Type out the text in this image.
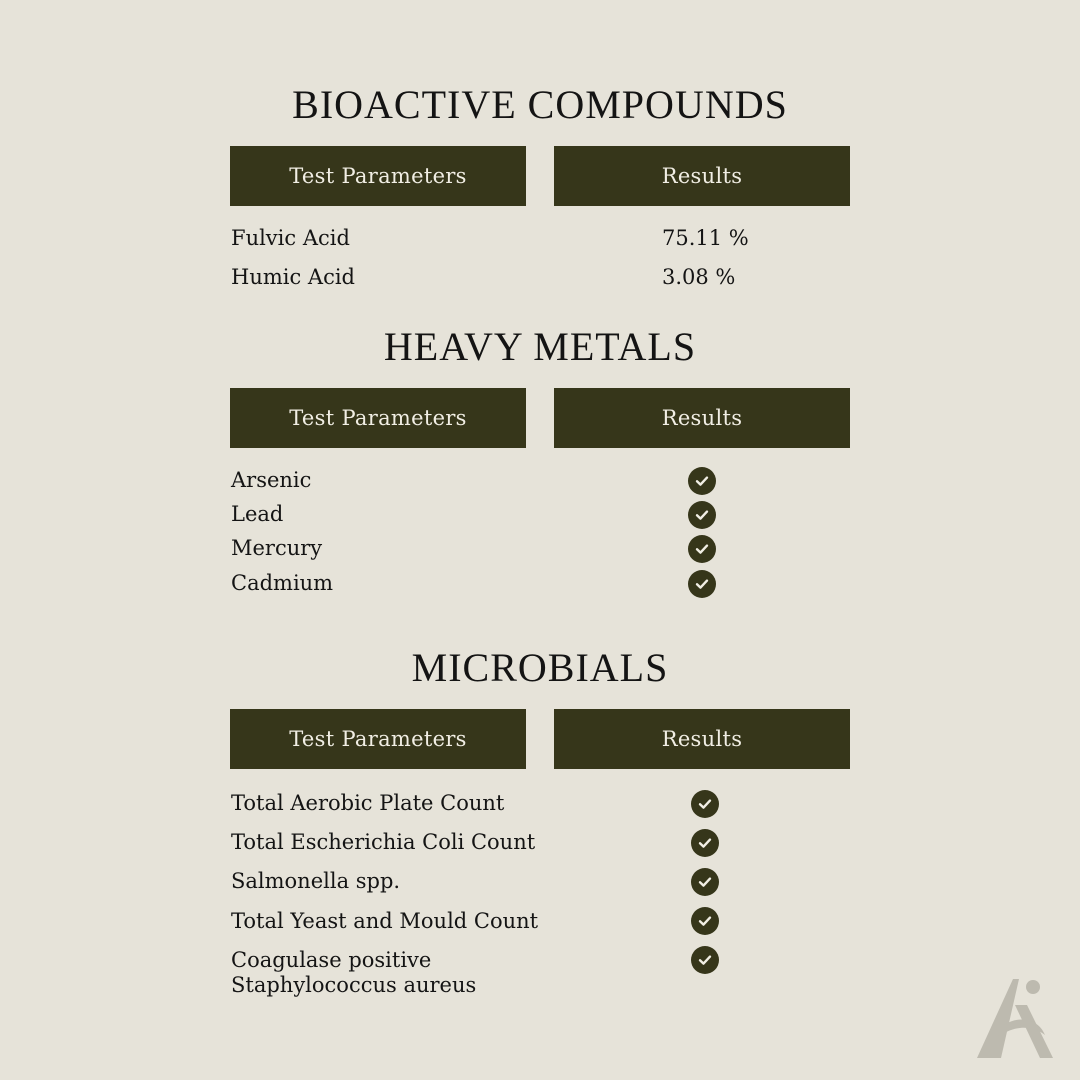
BIOACTIVE COMPOUNDS
Test Parameters	Results
Fulvic Acid	75.11 %
Humic Acid	3.08 %
HEAVY METALS
Test Parameters	Results
Arsenic
Lead
Mercury
Cadmium
MICROBIALS
Test Parameters	Results
Total Aerobic Plate Count
Total Escherichia Coli Count
Salmonella spp.
Total Yeast and Mould Count
Coagulase positive
Staphylococcus aureus
